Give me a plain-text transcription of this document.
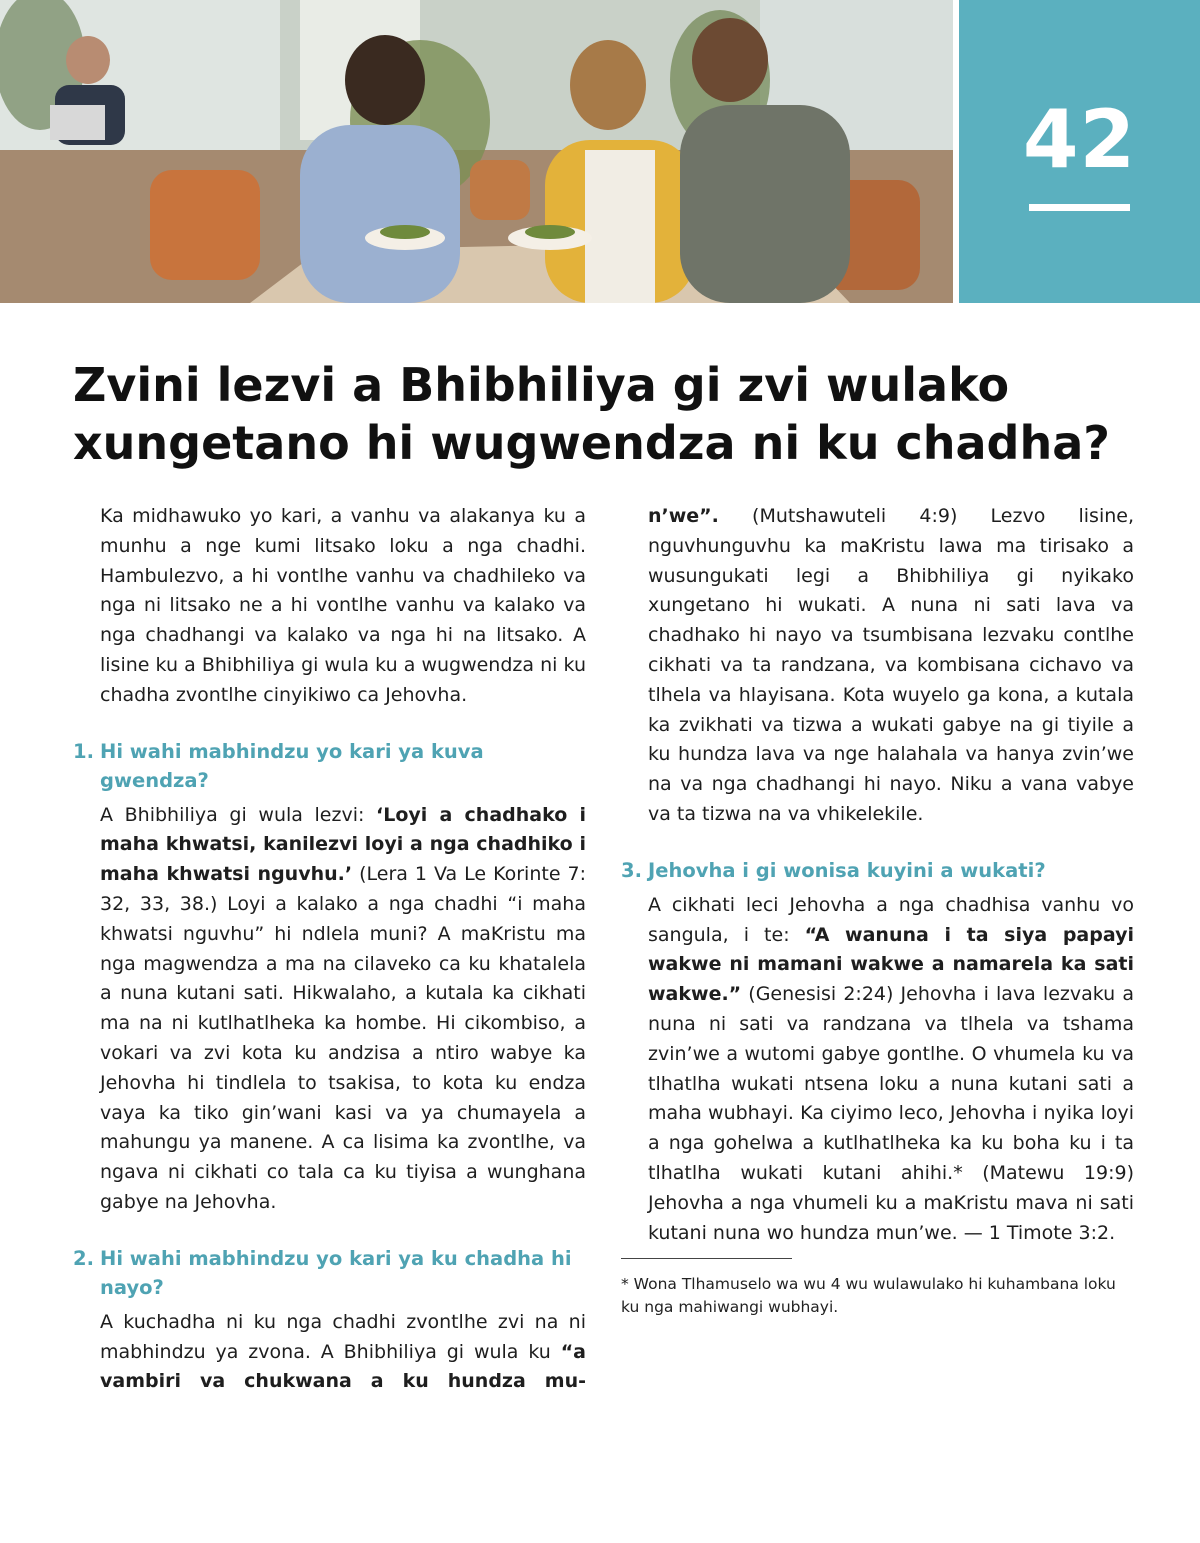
42
Zvini lezvi a Bhibhiliya gi zvi wulako xungetano hi wugwendza ni ku chadha?

Ka midhawuko yo kari, a vanhu va alakanya ku a munhu a nge kumi litsako loku a nga chadhi. Hambulezvo, a hi vontlhe vanhu va chadhileko va nga ni litsako ne a hi vontlhe vanhu va kalako va nga chadhangi va kalako va nga hi na litsako. A lisine ku a Bhibhiliya gi wula ku a wugwendza ni ku chadha zvontlhe cinyikiwo ca Jehovha.

1. Hi wahi mabhindzu yo kari ya kuva gwendza?

A Bhibhiliya gi wula lezvi: ‘Loyi a chadhako i maha khwatsi, kanilezvi loyi a nga chadhiko i maha khwatsi nguvhu.’ (Lera 1 Va Le Korinte 7: 32, 33, 38.) Loyi a kalako a nga chadhi “i maha khwatsi nguvhu” hi ndlela muni? A maKristu ma nga magwendza a ma na cilaveko ca ku khatalela a nuna kutani sati. Hikwalaho, a kutala ka cikhati ma na ni kutlhatlheka ka hombe. Hi cikombiso, a vokari va zvi kota ku andzisa a ntiro wabye ka Jehovha hi tindlela to tsakisa, to kota ku endza vaya ka tiko gin’wani kasi va ya chumayela a mahungu ya manene. A ca lisima ka zvontlhe, va ngava ni cikhati co tala ca ku tiyisa a wunghana gabye na Jehovha.

2. Hi wahi mabhindzu yo kari ya ku chadha hi nayo?

A kuchadha ni ku nga chadhi zvontlhe zvi na ni mabhindzu ya zvona. A Bhibhiliya gi wula ku “a vambiri va chukwana a ku hundza mu-

n’we”. (Mutshawuteli 4:9) Lezvo lisine, nguvhunguvhu ka maKristu lawa ma tirisako a wusungukati legi a Bhibhiliya gi nyikako xungetano hi wukati. A nuna ni sati lava va chadhako hi nayo va tsumbisana lezvaku contlhe cikhati va ta randzana, va kombisana cichavo va tlhela va hlayisana. Kota wuyelo ga kona, a kutala ka zvikhati va tizwa a wukati gabye na gi tiyile a ku hundza lava va nge halahala va hanya zvin’we na va nga chadhangi hi nayo. Niku a vana vabye va ta tizwa na va vhikelekile.

3. Jehovha i gi wonisa kuyini a wukati?

A cikhati leci Jehovha a nga chadhisa vanhu vo sangula, i te: “A wanuna i ta siya papayi wakwe ni mamani wakwe a namarela ka sati wakwe.” (Genesisi 2:24) Jehovha i lava lezvaku a nuna ni sati va randzana va tlhela va tshama zvin’we a wutomi gabye gontlhe. O vhumela ku va tlhatlha wukati ntsena loku a nuna kutani sati a maha wubhayi. Ka ciyimo leco, Jehovha i nyika loyi a nga gohelwa a kutlhatlheka ka ku boha ku i ta tlhatlha wukati kutani ahihi.* (Matewu 19:9) Jehovha a nga vhumeli ku a maKristu mava ni sati kutani nuna wo hundza mun’we. — 1 Timote 3:2.

* Wona Tlhamuselo wa wu 4 wu wulawulako hi kuhambana loku ku nga mahiwangi wubhayi.
